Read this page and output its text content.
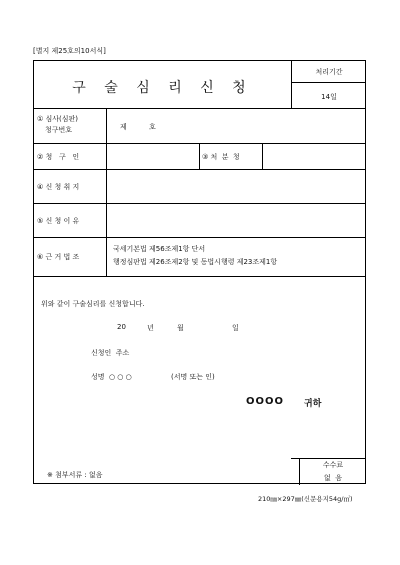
[별지 제25호의10서식]
구 술 심 리 신 청
처리기간
14일
① 심사(심판)
청구번호	제          호
② 청   구   인	③ 처  분  청
④ 신 청 취 지
⑤ 신 청 이 유
⑥ 근 거 법 조
국세기본법 제56조제1항 단서
행정심판법 제26조제2항 및 동법시행령 제23조제1항
위와 같이 구술심리를 신청합니다.
20	년	월	일
신청인  주소
성명  ○ ○ ○	(서명 또는 인)
OOOO 귀하
※ 첨부서류 : 없음
수수료
없  음
210㎜×297㎜(신문용지54g/㎡)
